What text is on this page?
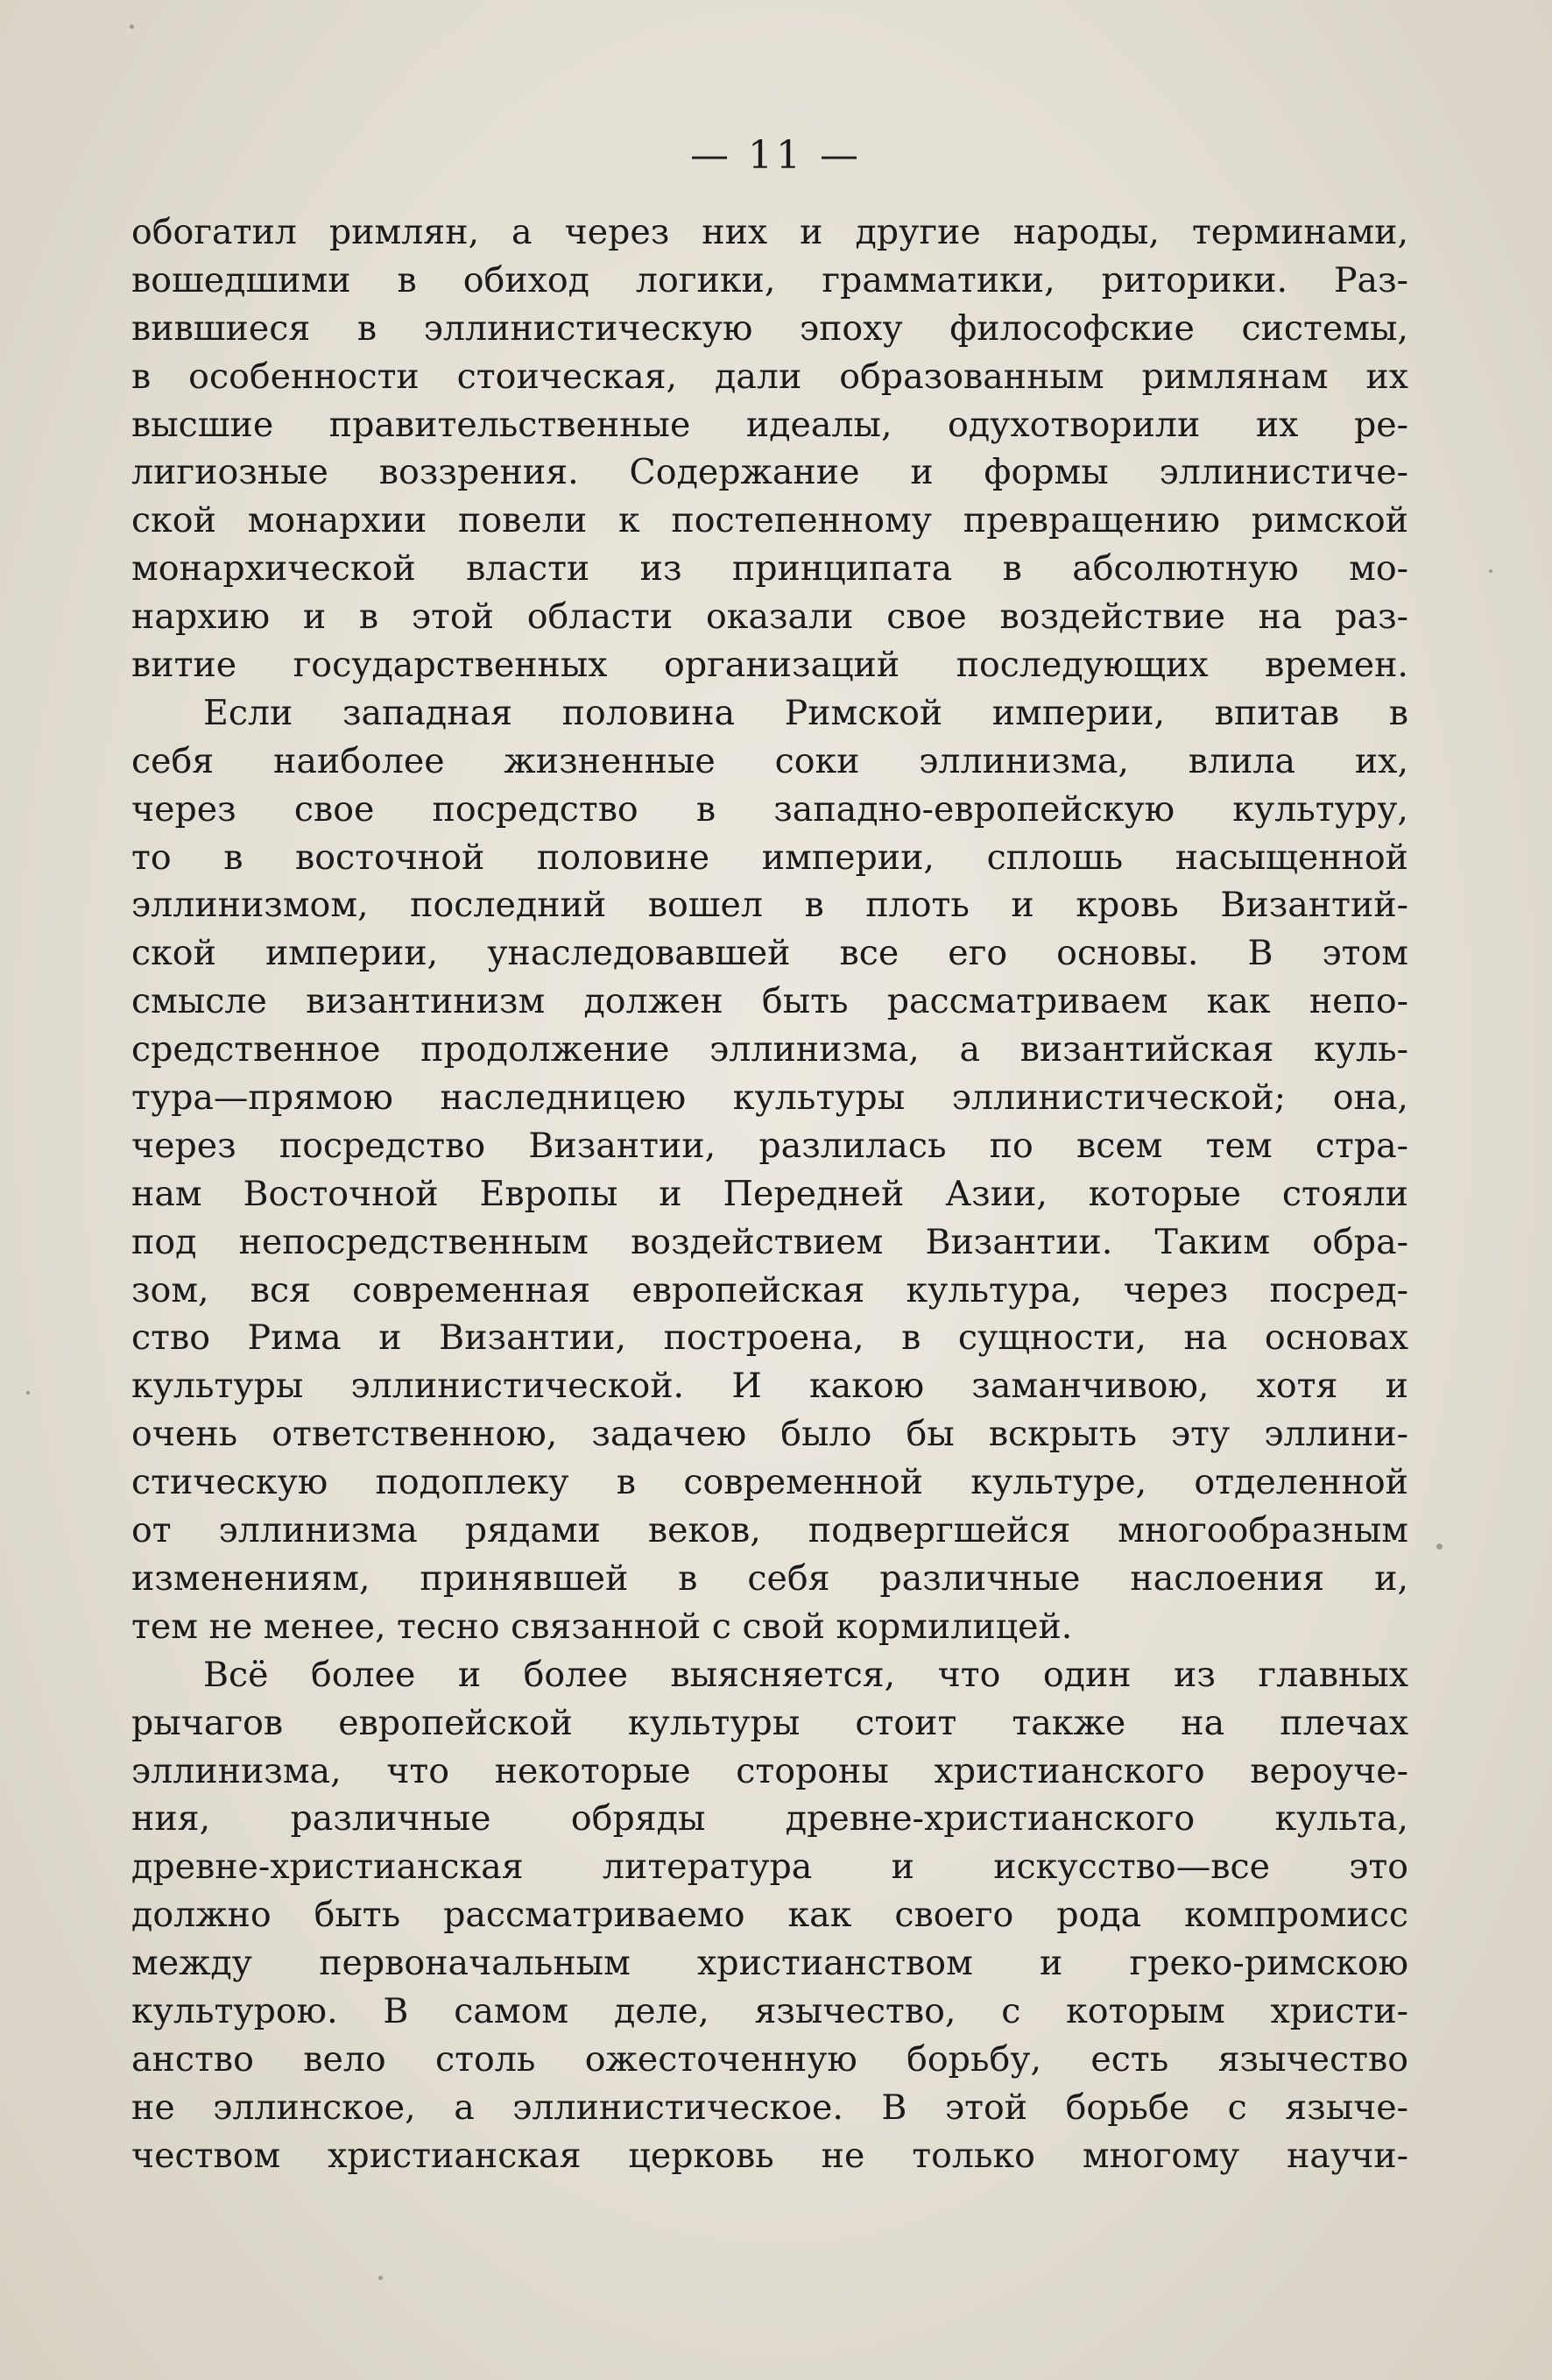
— 11 —
обогатил римлян, а через них и другие народы, терминами,
вошедшими в обиход логики, грамматики, риторики. Раз-
вившиеся в эллинистическую эпоху философские системы,
в особенности стоическая, дали образованным римлянам их
высшие правительственные идеалы, одухотворили их ре-
лигиозные воззрения. Содержание и формы эллинистиче-
ской монархии повели к постепенному превращению римской
монархической власти из принципата в абсолютную мо-
нархию и в этой области оказали свое воздействие на раз-
витие государственных организаций последующих времен.
Если западная половина Римской империи, впитав в
себя наиболее жизненные соки эллинизма, влила их,
через свое посредство в западно-европейскую культуру,
то в восточной половине империи, сплошь насыщенной
эллинизмом, последний вошел в плоть и кровь Византий-
ской империи, унаследовавшей все его основы. В этом
смысле византинизм должен быть рассматриваем как непо-
средственное продолжение эллинизма, а византийская куль-
тура—прямою наследницею культуры эллинистической; она,
через посредство Византии, разлилась по всем тем стра-
нам Восточной Европы и Передней Азии, которые стояли
под непосредственным воздействием Византии. Таким обра-
зом, вся современная европейская культура, через посред-
ство Рима и Византии, построена, в сущности, на основах
культуры эллинистической. И какою заманчивою, хотя и
очень ответственною, задачею было бы вскрыть эту эллини-
стическую подоплеку в современной культуре, отделенной
от эллинизма рядами веков, подвергшейся многообразным
изменениям, принявшей в себя различные наслоения и,
тем не менее, тесно связанной с свой кормилицей.
Всё более и более выясняется, что один из главных
рычагов европейской культуры стоит также на плечах
эллинизма, что некоторые стороны христианского вероуче-
ния, различные обряды древне-христианского культа,
древне-христианская литература и искусство—все это
должно быть рассматриваемо как своего рода компромисс
между первоначальным христианством и греко-римскою
культурою. В самом деле, язычество, с которым христи-
анство вело столь ожесточенную борьбу, есть язычество
не эллинское, а эллинистическое. В этой борьбе с языче-
чеством христианская церковь не только многому научи-
